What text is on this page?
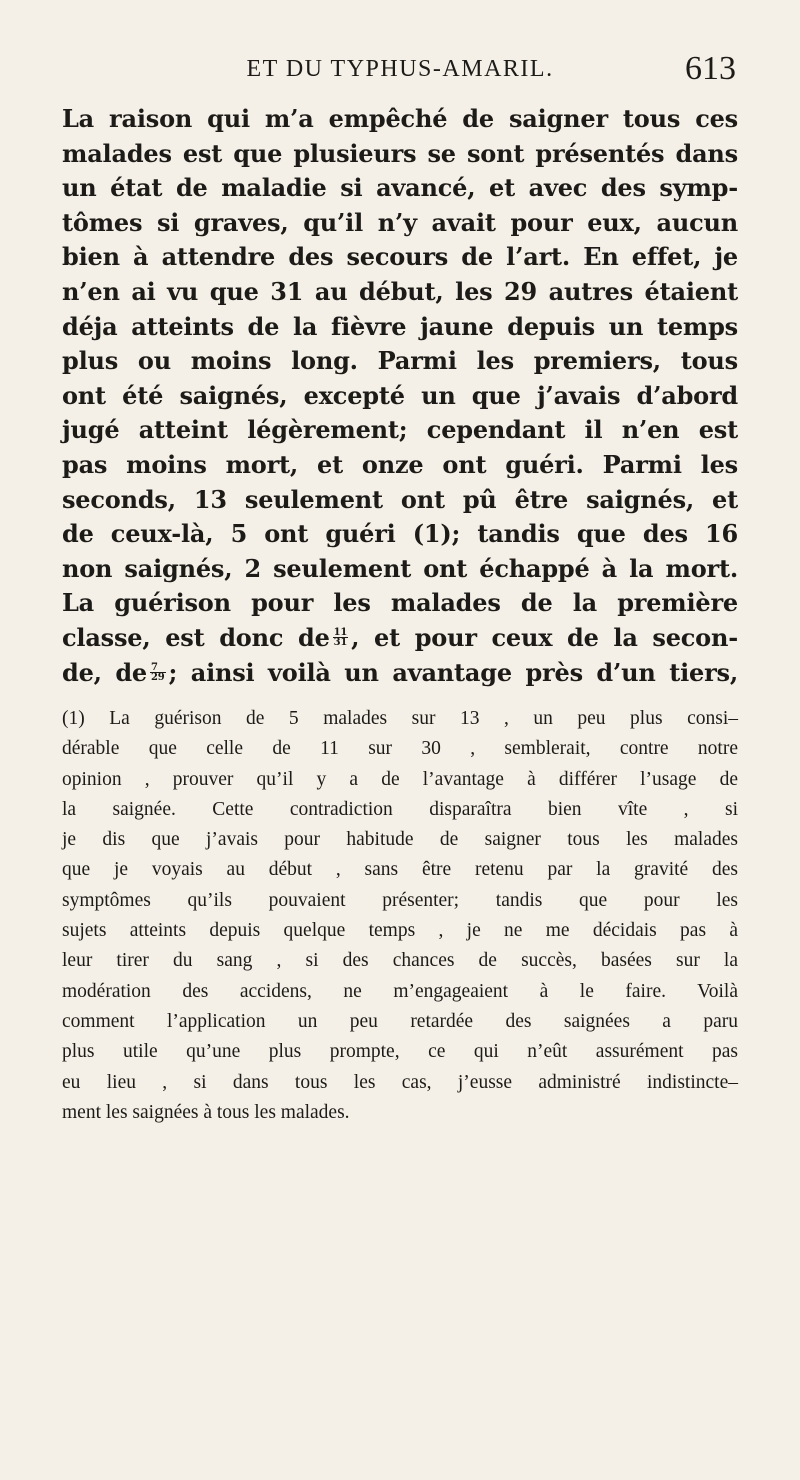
ET DU TYPHUS-AMARIL.	613
La raison qui m’a empêché de saigner tous ces
malades est que plusieurs se sont présentés dans
un état de maladie si avancé, et avec des symp-
tômes si graves, qu’il n’y avait pour eux, aucun
bien à attendre des secours de l’art. En effet, je
n’en ai vu que 31 au début, les 29 autres étaient
déja atteints de la fièvre jaune depuis un temps
plus ou moins long. Parmi les premiers, tous
ont été saignés, excepté un que j’avais d’abord
jugé atteint légèrement; cependant il n’en est
pas moins mort, et onze ont guéri. Parmi les
seconds, 13 seulement ont pû être saignés, et
de ceux-là, 5 ont guéri (1); tandis que des 16
non saignés, 2 seulement ont échappé à la mort.
La guérison pour les malades de la première
classe, est donc de $\frac{11}{31}$ , et pour ceux de la secon-
de, de $\frac{7}{29}$ ; ainsi voilà un avantage près d’un tiers,
(1) La guérison de 5 malades sur 13 , un peu plus consi–
dérable que celle de 11 sur 30 , semblerait, contre notre
opinion , prouver qu’il y a de l’avantage à différer l’usage de
la saignée. Cette contradiction disparaîtra bien vîte , si
je dis que j’avais pour habitude de saigner tous les malades
que je voyais au début , sans être retenu par la gravité des
symptômes qu’ils pouvaient présenter; tandis que pour les
sujets atteints depuis quelque temps , je ne me décidais pas à
leur tirer du sang , si des chances de succès, basées sur la
modération des accidens, ne m’engageaient à le faire. Voilà
comment l’application un peu retardée des saignées a paru
plus utile qu’une plus prompte, ce qui n’eût assurément pas
eu lieu , si dans tous les cas, j’eusse administré indistincte–
ment les saignées à tous les malades.
